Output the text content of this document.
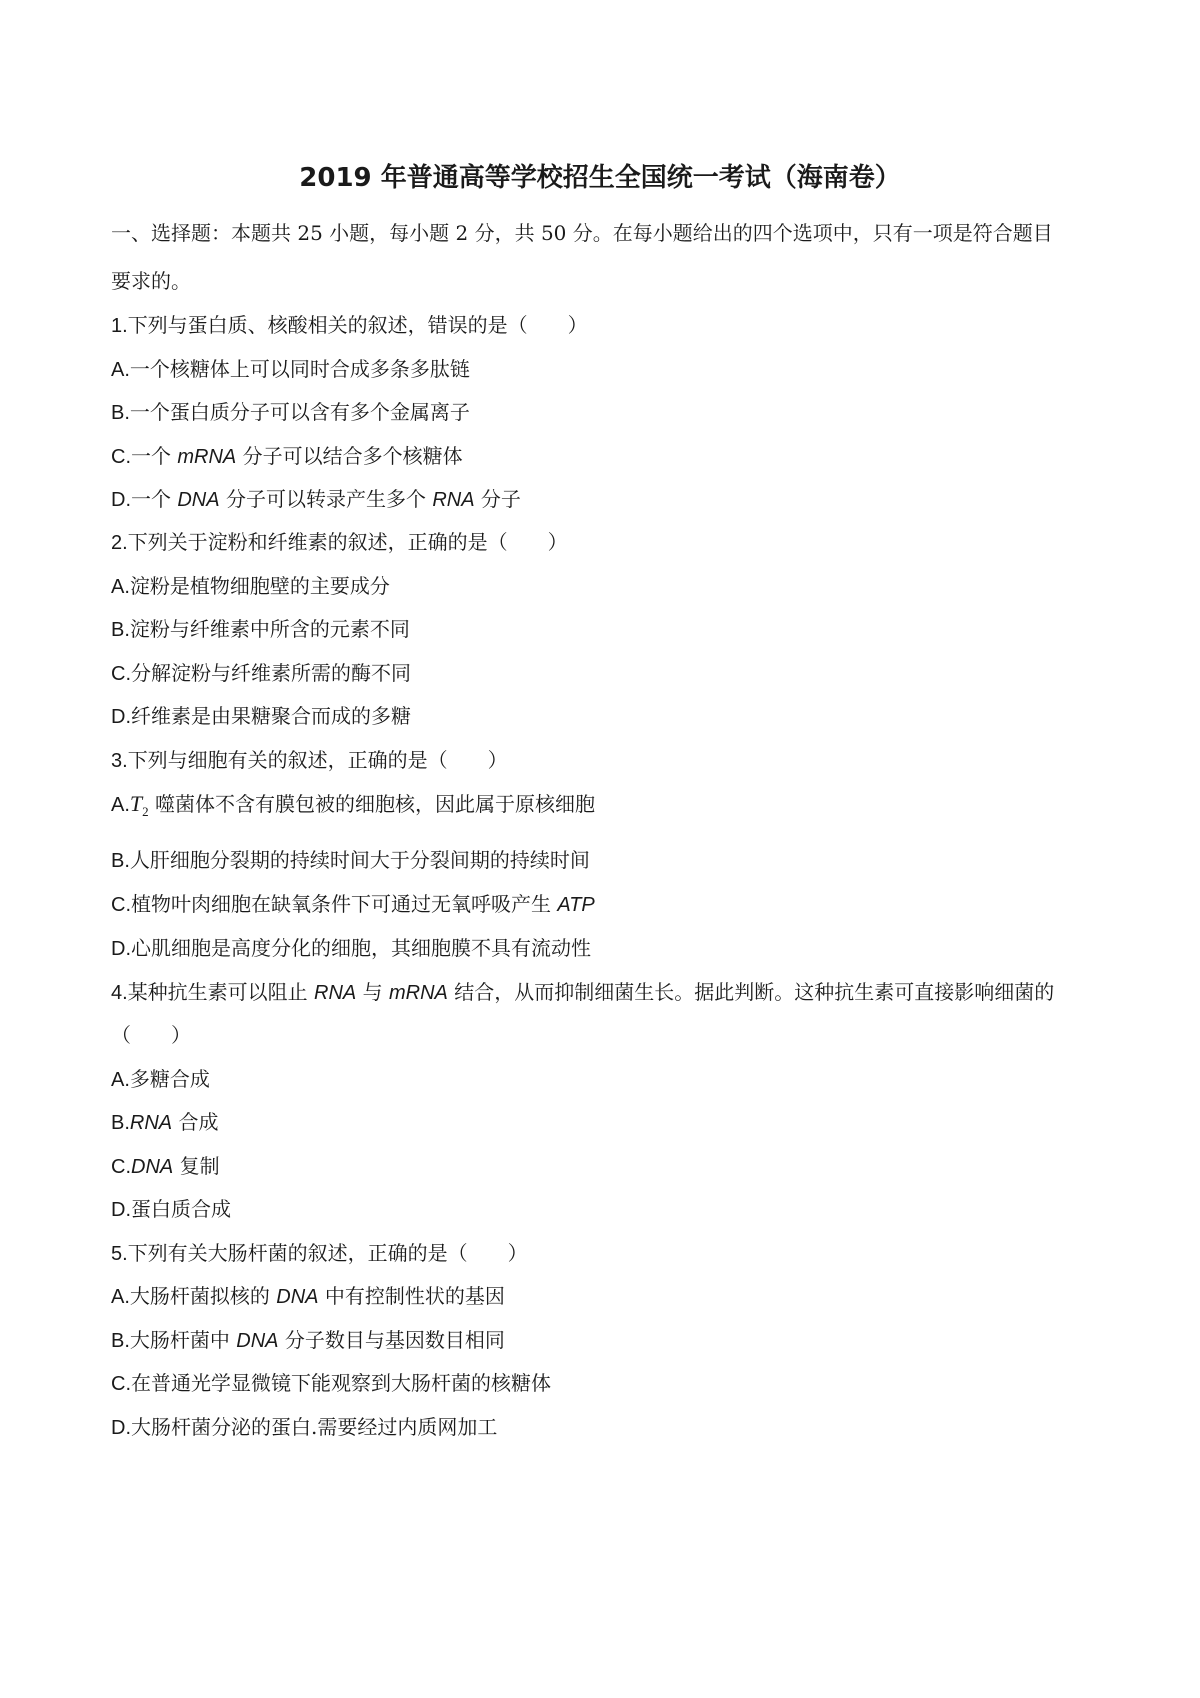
2019 年普通高等学校招生全国统一考试（海南卷）
一、选择题：本题共 25 小题，每小题 2 分，共 50 分。在每小题给出的四个选项中，只有一项是符合题目
要求的。
1.下列与蛋白质、核酸相关的叙述，错误的是（　　）
A.一个核糖体上可以同时合成多条多肽链
B.一个蛋白质分子可以含有多个金属离子
C.一个 mRNA 分子可以结合多个核糖体
D.一个 DNA 分子可以转录产生多个 RNA 分子
2.下列关于淀粉和纤维素的叙述，正确的是（　　）
A.淀粉是植物细胞壁的主要成分
B.淀粉与纤维素中所含的元素不同
C.分解淀粉与纤维素所需的酶不同
D.纤维素是由果糖聚合而成的多糖
3.下列与细胞有关的叙述，正确的是（　　）
$A.T_2$ 噬菌体不含有膜包被的细胞核，因此属于原核细胞
B.人肝细胞分裂期的持续时间大于分裂间期的持续时间
C.植物叶肉细胞在缺氧条件下可通过无氧呼吸产生 ATP
D.心肌细胞是高度分化的细胞，其细胞膜不具有流动性
4.某种抗生素可以阻止 RNA 与 mRNA 结合，从而抑制细菌生长。据此判断。这种抗生素可直接影响细菌的
（　　）
A.多糖合成
B.RNA 合成
C.DNA 复制
D.蛋白质合成
5.下列有关大肠杆菌的叙述，正确的是（　　）
A.大肠杆菌拟核的 DNA 中有控制性状的基因
B.大肠杆菌中 DNA 分子数目与基因数目相同
C.在普通光学显微镜下能观察到大肠杆菌的核糖体
D.大肠杆菌分泌的蛋白.需要经过内质网加工
